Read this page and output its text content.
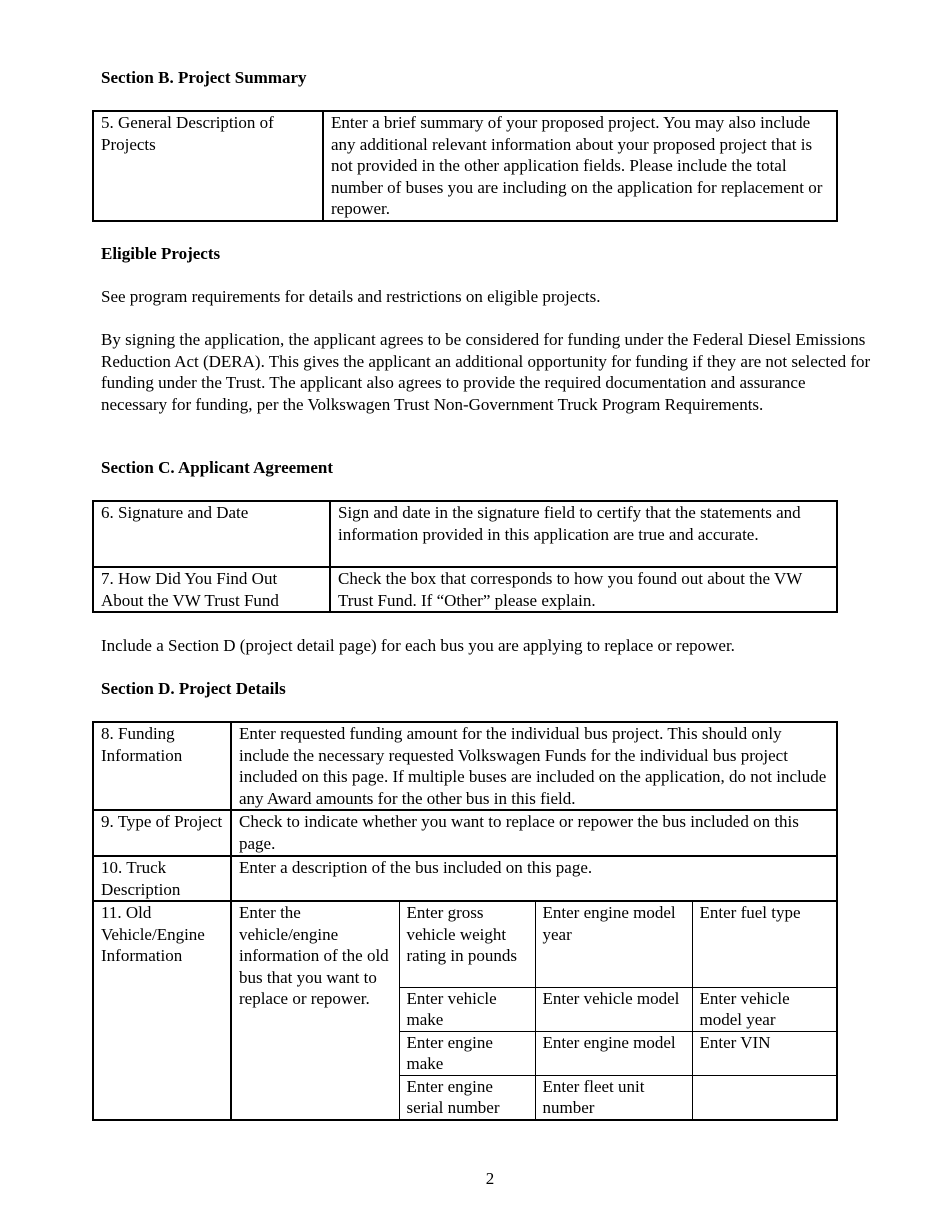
Section B. Project Summary
5. General Description of Projects	Enter a brief summary of your proposed project. You may also include any additional relevant information about your proposed project that is not provided in the other application fields. Please include the total number of buses you are including on the application for replacement or repower.
Eligible Projects

See program requirements for details and restrictions on eligible projects.

By signing the application, the applicant agrees to be considered for funding under the Federal Diesel Emissions Reduction Act (DERA). This gives the applicant an additional opportunity for funding if they are not selected for funding under the Trust. The applicant also agrees to provide the required documentation and assurance necessary for funding, per the Volkswagen Trust Non-Government Truck Program Requirements.

Section C. Applicant Agreement
6. Signature and Date	Sign and date in the signature field to certify that the statements and information provided in this application are true and accurate.
7. How Did You Find Out About the VW Trust Fund	Check the box that corresponds to how you found out about the VW Trust Fund. If “Other” please explain.

Include a Section D (project detail page) for each bus you are applying to replace or repower.

Section D. Project Details
8. Funding Information	Enter requested funding amount for the individual bus project. This should only include the necessary requested Volkswagen Funds for the individual bus project included on this page. If multiple buses are included on the application, do not include any Award amounts for the other bus in this field.			
9. Type of Project	Check to indicate whether you want to replace or repower the bus included on this page.			
10. Truck Description	Enter a description of the bus included on this page.			
11. Old Vehicle/Engine Information	Enter the vehicle/engine information of the old bus that you want to replace or repower.	Enter gross vehicle weight rating in pounds	Enter engine model year	Enter fuel type
		Enter vehicle make	Enter vehicle model	Enter vehicle model year
		Enter engine make	Enter engine model	Enter VIN
		Enter engine serial number	Enter fleet unit number	
2
